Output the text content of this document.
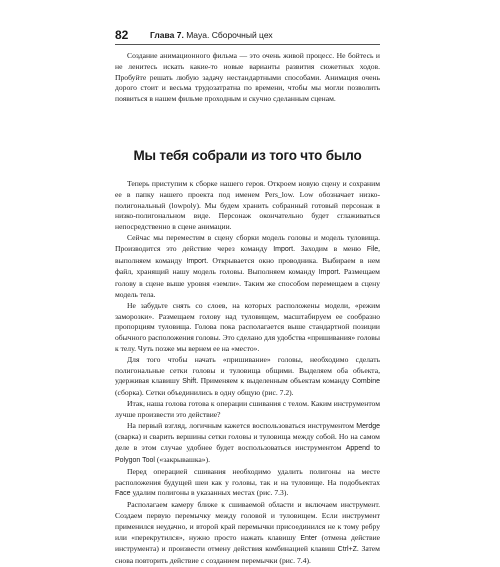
82	Глава 7. Maya. Сборочный цех

Создание анимационного фильма — это очень живой процесс. Не бойтесь и не ленитесь искать какие-то новые варианты развития сюжетных ходов. Пробуйте решать любую задачу нестандартными способами. Анимация очень дорого стоит и весьма трудозатратна по времени, чтобы мы могли позволить появиться в нашем фильме проходным и скучно сделанным сценам.

Мы тебя собрали из того что было

Теперь приступим к сборке нашего героя. Откроем новую сцену и сохраним ее в папку нашего проекта под именем Pers_low. Low обозначает низко-полигональный (lowpoly). Мы будем хранить собранный готовый персонаж в низко-полигональном виде. Персонаж окончательно будет сглаживаться непосредственно в сцене анимации.

Сейчас мы переместим в сцену сборки модель головы и модель туловища. Производится это действие через команду Import. Заходим в меню File, выполняем команду Import. Открывается окно проводника. Выбираем в нем файл, хранящий нашу модель головы. Выполняем команду Import. Размещаем голову в сцене выше уровня «земли». Таким же способом перемещаем в сцену модель тела.

Не забудьте снять со слоев, на которых расположены модели, «режим заморозки». Размещаем голову над туловищем, масштабируем ее сообразно пропорциям туловища. Голова пока располагается выше стандартной позиции обычного расположения головы. Это сделано для удобства «пришивания» головы к телу. Чуть позже мы вернем ее на «место».

Для того чтобы начать «пришивание» головы, необходимо сделать полигональные сетки головы и туловища общими. Выделяем оба объекта, удерживая клавишу Shift. Применяем к выделенным объектам команду Combine (сборка). Сетки объединились в одну общую (рис. 7.2).

Итак, наша голова готова к операции сшивания с телом. Каким инструментом лучше произвести это действие?

На первый взгляд, логичным кажется воспользоваться инструментом Merdge (сварка) и сварить вершины сетки головы и туловища между собой. Но на самом деле в этом случае удобнее будет воспользоваться инструментом Append to Polygon Tool («закрывашка»).

Перед операцией сшивания необходимо удалить полигоны на месте расположения будущей шеи как у головы, так и на туловище. На подобъектах Face удалим полигоны в указанных местах (рис. 7.3).

Располагаем камеру ближе к сшиваемой области и включаем инструмент. Создаем первую перемычку между головой и туловищем. Если инструмент применился неудачно, и второй край перемычки присоединился не к тому ребру или «перекрутился», нужно просто нажать клавишу Enter (отмена действие инструмента) и произвести отмену действия комбинацией клавиш Ctrl+Z. Затем снова повторить действие с созданием перемычки (рис. 7.4).
